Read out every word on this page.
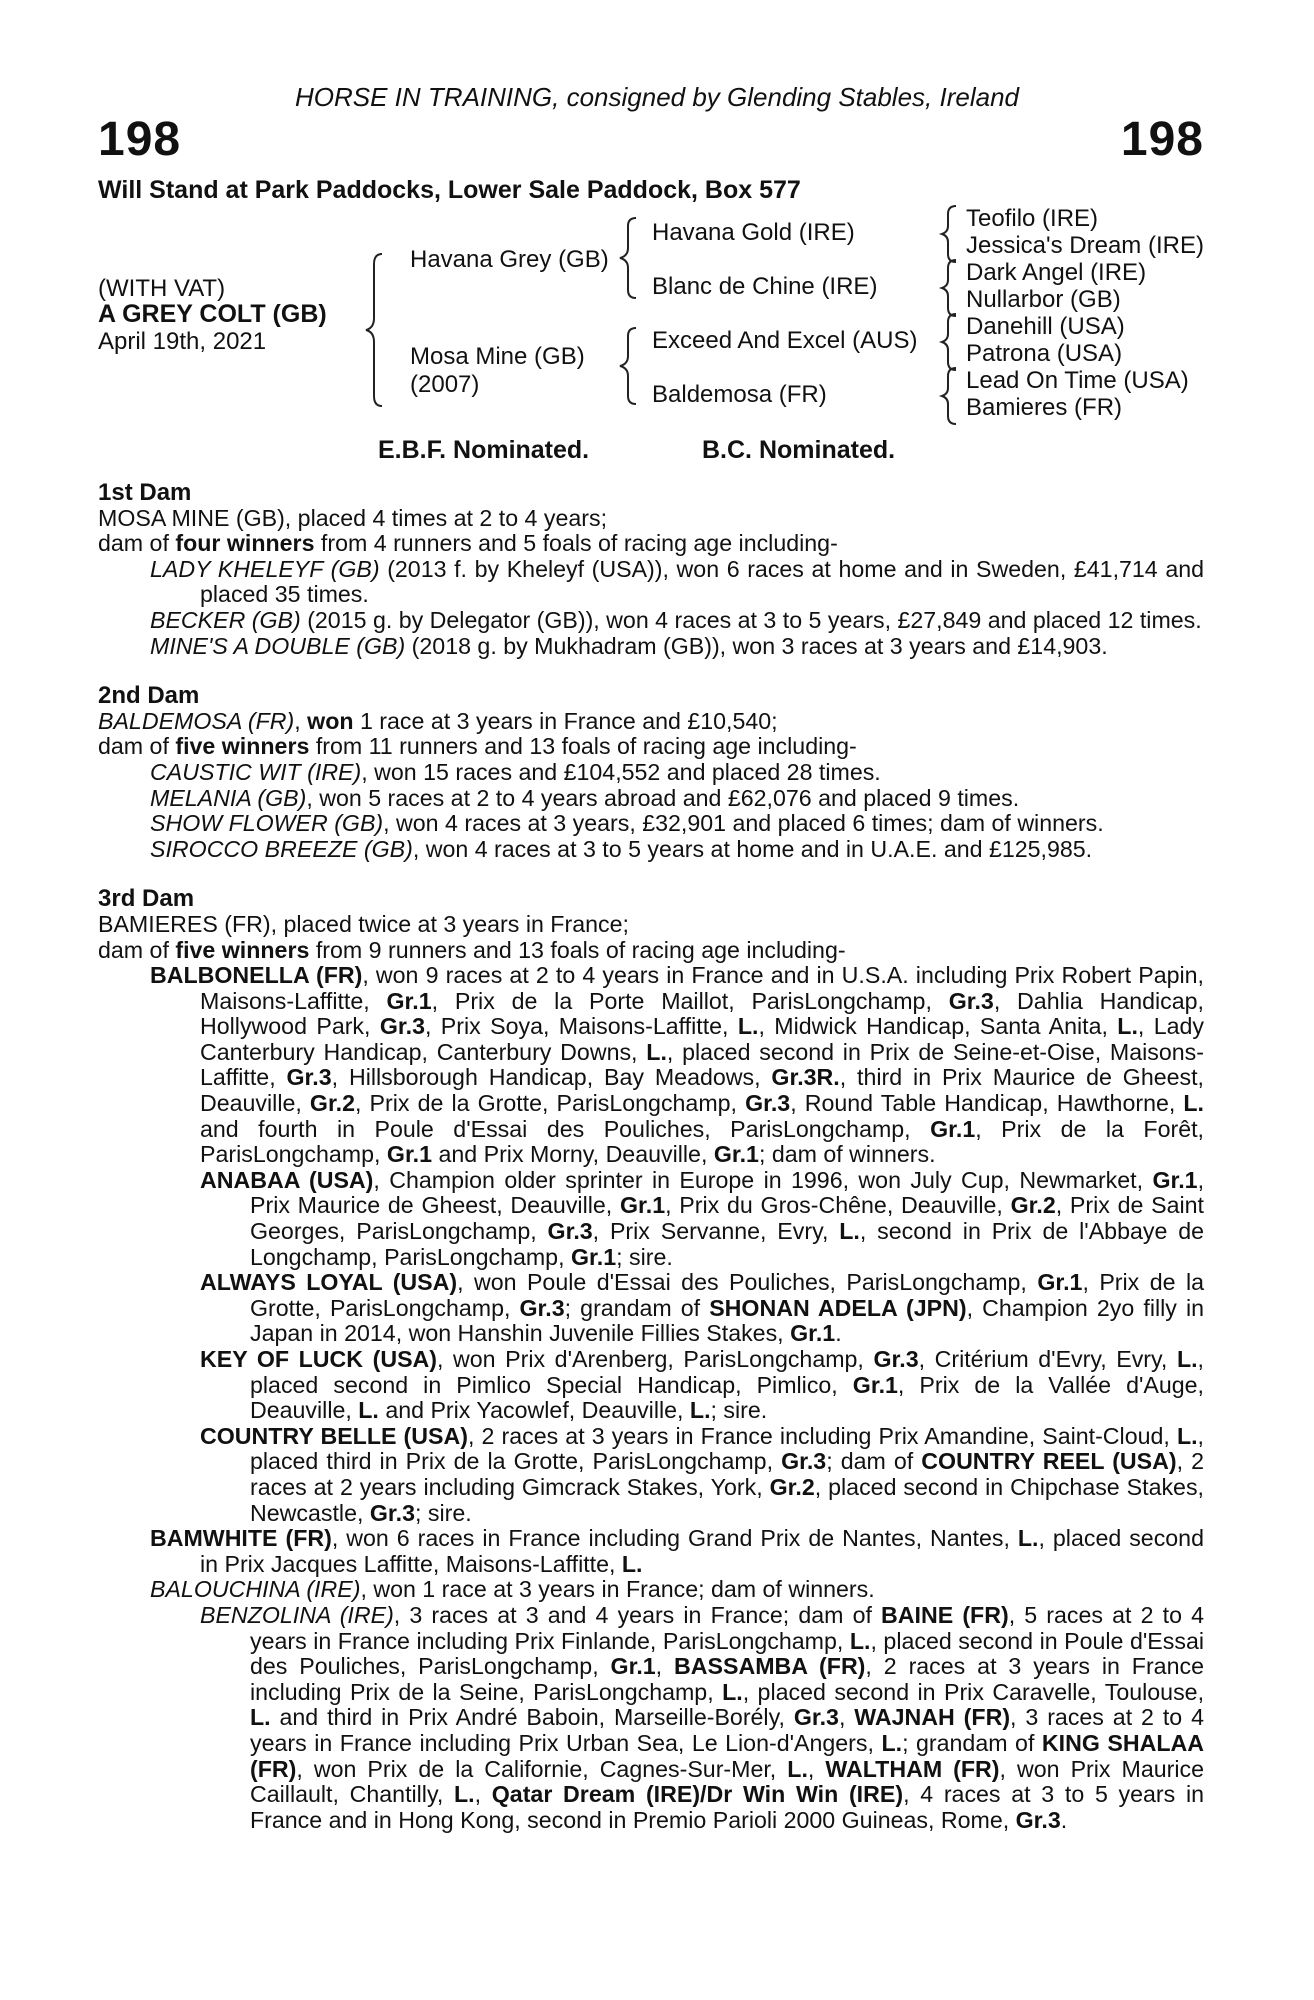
HORSE IN TRAINING, consigned by Glending Stables, Ireland
198	198
Will Stand at Park Paddocks, Lower Sale Paddock, Box 577
(WITH VAT)
A GREY COLT (GB)
April 19th, 2021
Havana Grey (GB)
Mosa Mine (GB)
(2007)
Havana Gold (IRE)
Blanc de Chine (IRE)
Exceed And Excel (AUS)
Baldemosa (FR)
Teofilo (IRE)
Jessica's Dream (IRE)
Dark Angel (IRE)
Nullarbor (GB)
Danehill (USA)
Patrona (USA)
Lead On Time (USA)
Bamieres (FR)
E.B.F. Nominated.	B.C. Nominated.

1st Dam

MOSA MINE (GB), placed 4 times at 2 to 4 years;

dam of four winners from 4 runners and 5 foals of racing age including-

LADY KHELEYF (GB) (2013 f. by Kheleyf (USA)), won 6 races at home and in Sweden, £41,714 and placed 35 times.

BECKER (GB) (2015 g. by Delegator (GB)), won 4 races at 3 to 5 years, £27,849 and placed 12 times.

MINE'S A DOUBLE (GB) (2018 g. by Mukhadram (GB)), won 3 races at 3 years and £14,903.

2nd Dam

BALDEMOSA (FR), won 1 race at 3 years in France and £10,540;

dam of five winners from 11 runners and 13 foals of racing age including-

CAUSTIC WIT (IRE), won 15 races and £104,552 and placed 28 times.

MELANIA (GB), won 5 races at 2 to 4 years abroad and £62,076 and placed 9 times.

SHOW FLOWER (GB), won 4 races at 3 years, £32,901 and placed 6 times; dam of winners.

SIROCCO BREEZE (GB), won 4 races at 3 to 5 years at home and in U.A.E. and £125,985.

3rd Dam

BAMIERES (FR), placed twice at 3 years in France;

dam of five winners from 9 runners and 13 foals of racing age including-

BALBONELLA (FR), won 9 races at 2 to 4 years in France and in U.S.A. including Prix Robert Papin, Maisons-Laffitte, Gr.1, Prix de la Porte Maillot, ParisLongchamp, Gr.3, Dahlia Handicap, Hollywood Park, Gr.3, Prix Soya, Maisons-Laffitte, L., Midwick Handicap, Santa Anita, L., Lady Canterbury Handicap, Canterbury Downs, L., placed second in Prix de Seine-et-Oise, Maisons-Laffitte, Gr.3, Hillsborough Handicap, Bay Meadows, Gr.3R., third in Prix Maurice de Gheest, Deauville, Gr.2, Prix de la Grotte, ParisLongchamp, Gr.3, Round Table Handicap, Hawthorne, L. and fourth in Poule d'Essai des Pouliches, ParisLongchamp, Gr.1, Prix de la Forêt, ParisLongchamp, Gr.1 and Prix Morny, Deauville, Gr.1; dam of winners.

ANABAA (USA), Champion older sprinter in Europe in 1996, won July Cup, Newmarket, Gr.1, Prix Maurice de Gheest, Deauville, Gr.1, Prix du Gros-Chêne, Deauville, Gr.2, Prix de Saint Georges, ParisLongchamp, Gr.3, Prix Servanne, Evry, L., second in Prix de l'Abbaye de Longchamp, ParisLongchamp, Gr.1; sire.

ALWAYS LOYAL (USA), won Poule d'Essai des Pouliches, ParisLongchamp, Gr.1, Prix de la Grotte, ParisLongchamp, Gr.3; grandam of SHONAN ADELA (JPN), Champion 2yo filly in Japan in 2014, won Hanshin Juvenile Fillies Stakes, Gr.1.

KEY OF LUCK (USA), won Prix d'Arenberg, ParisLongchamp, Gr.3, Critérium d'Evry, Evry, L., placed second in Pimlico Special Handicap, Pimlico, Gr.1, Prix de la Vallée d'Auge, Deauville, L. and Prix Yacowlef, Deauville, L.; sire.

COUNTRY BELLE (USA), 2 races at 3 years in France including Prix Amandine, Saint-Cloud, L., placed third in Prix de la Grotte, ParisLongchamp, Gr.3; dam of COUNTRY REEL (USA), 2 races at 2 years including Gimcrack Stakes, York, Gr.2, placed second in Chipchase Stakes, Newcastle, Gr.3; sire.

BAMWHITE (FR), won 6 races in France including Grand Prix de Nantes, Nantes, L., placed second in Prix Jacques Laffitte, Maisons-Laffitte, L.

BALOUCHINA (IRE), won 1 race at 3 years in France; dam of winners.

BENZOLINA (IRE), 3 races at 3 and 4 years in France; dam of BAINE (FR), 5 races at 2 to 4 years in France including Prix Finlande, ParisLongchamp, L., placed second in Poule d'Essai des Pouliches, ParisLongchamp, Gr.1, BASSAMBA (FR), 2 races at 3 years in France including Prix de la Seine, ParisLongchamp, L., placed second in Prix Caravelle, Toulouse, L. and third in Prix André Baboin, Marseille-Borély, Gr.3, WAJNAH (FR), 3 races at 2 to 4 years in France including Prix Urban Sea, Le Lion-d'Angers, L.; grandam of KING SHALAA (FR), won Prix de la Californie, Cagnes-Sur-Mer, L., WALTHAM (FR), won Prix Maurice Caillault, Chantilly, L., Qatar Dream (IRE)/Dr Win Win (IRE), 4 races at 3 to 5 years in France and in Hong Kong, second in Premio Parioli 2000 Guineas, Rome, Gr.3.
